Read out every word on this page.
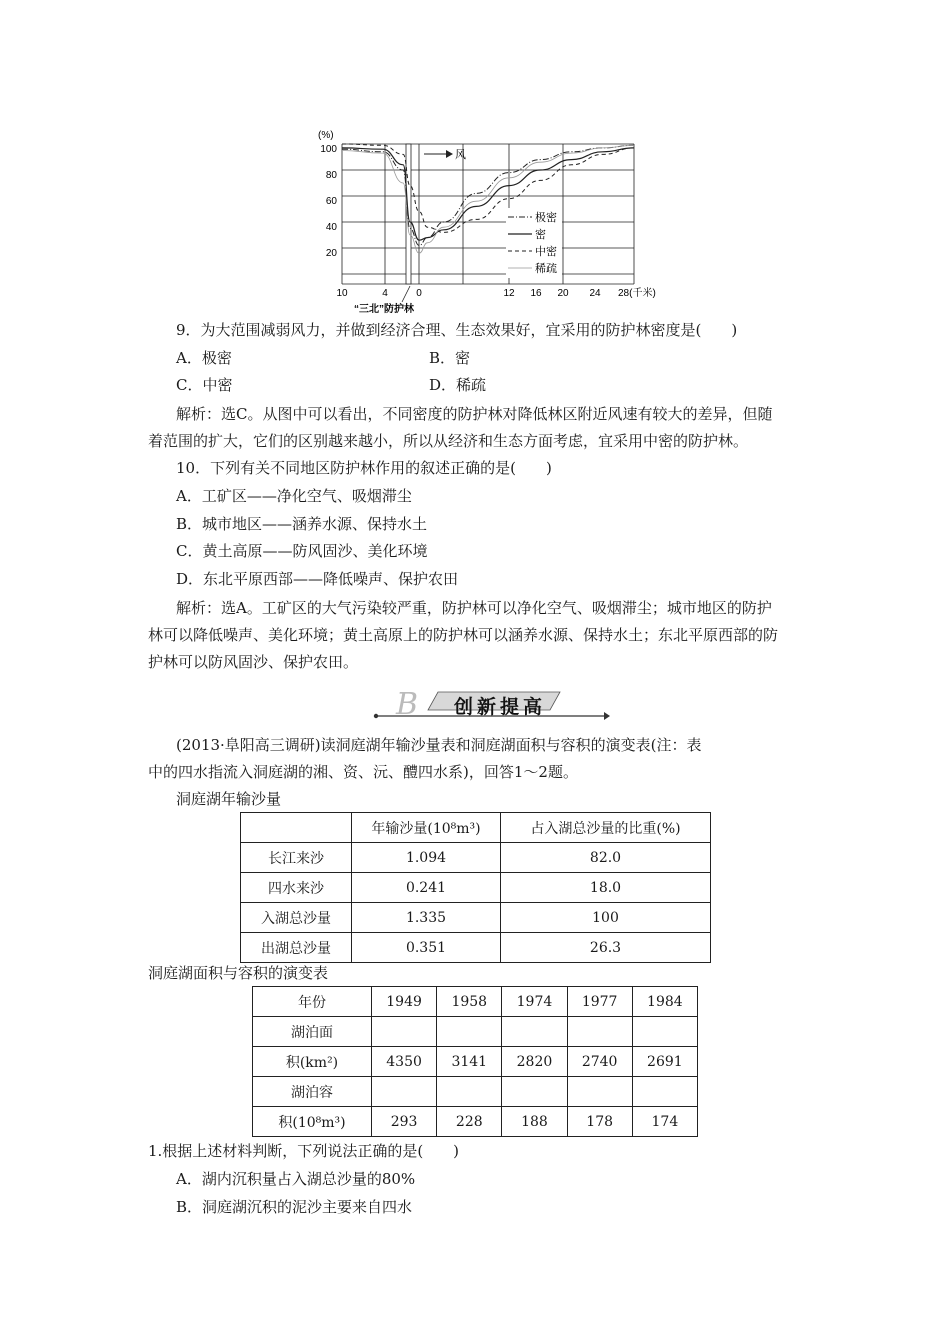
(%)
100
80
60
40
20
10	4	0	12 16 20 24 28(千米)
“三北”防护林
风
极密
密
中密
稀疏
9．为大范围减弱风力，并做到经济合理、生态效果好，宜采用的防护林密度是(　　)
A．极密	B．密
C．中密	D．稀疏
解析：选C。从图中可以看出，不同密度的防护林对降低林区附近风速有较大的差异，但随
着范围的扩大，它们的区别越来越小，所以从经济和生态方面考虑，宜采用中密的防护林。
10．下列有关不同地区防护林作用的叙述正确的是(　　)
A．工矿区——净化空气、吸烟滞尘
B．城市地区——涵养水源、保持水土
C．黄土高原——防风固沙、美化环境
D．东北平原西部——降低噪声、保护农田
解析：选A。工矿区的大气污染较严重，防护林可以净化空气、吸烟滞尘；城市地区的防护
林可以降低噪声、美化环境；黄土高原上的防护林可以涵养水源、保持水土；东北平原西部的防
护林可以防风固沙、保护农田。
B 创新提高
(2013·阜阳高三调研)读洞庭湖年输沙量表和洞庭湖面积与容积的演变表(注：表
中的四水指流入洞庭湖的湘、资、沅、醴四水系)，回答1～2题。
洞庭湖年输沙量
	年输沙量(10⁸m³)	占入湖总沙量的比重(%)
长江来沙	1.094	82.0
四水来沙	0.241	18.0
入湖总沙量	1.335	100
出湖总沙量	0.351	26.3
洞庭湖面积与容积的演变表
年份	1949	1958	1974	1977	1984
湖泊面					
积(km²)	4350	3141	2820	2740	2691
湖泊容					
积(10⁸m³)	293	228	188	178	174
1.根据上述材料判断，下列说法正确的是(　　)
A．湖内沉积量占入湖总沙量的80%
B．洞庭湖沉积的泥沙主要来自四水
